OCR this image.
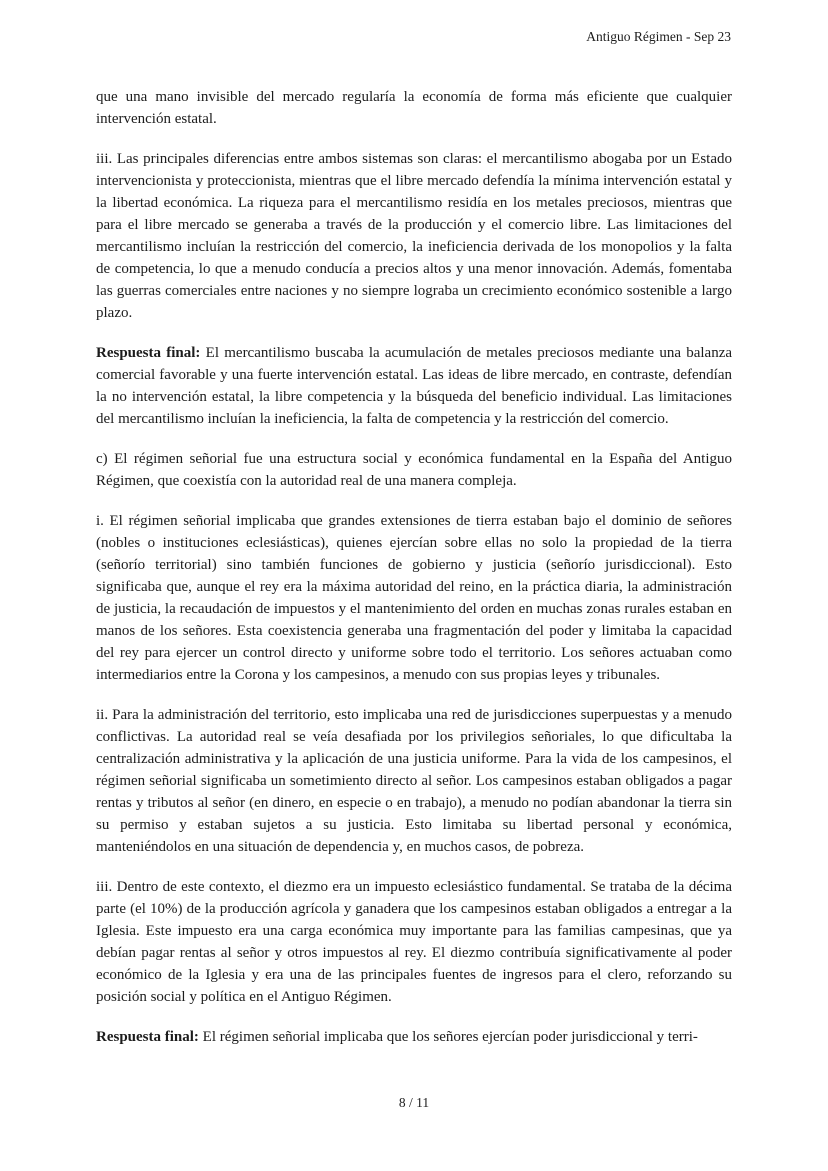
Antiguo Régimen - Sep 23

que una mano invisible del mercado regularía la economía de forma más eficiente que cualquier intervención estatal.

iii. Las principales diferencias entre ambos sistemas son claras: el mercantilismo abogaba por un Estado intervencionista y proteccionista, mientras que el libre mercado defendía la mínima intervención estatal y la libertad económica. La riqueza para el mercantilismo residía en los metales preciosos, mientras que para el libre mercado se generaba a través de la producción y el comercio libre. Las limitaciones del mercantilismo incluían la restricción del comercio, la ineficiencia derivada de los monopolios y la falta de competencia, lo que a menudo conducía a precios altos y una menor innovación. Además, fomentaba las guerras comerciales entre naciones y no siempre lograba un crecimiento económico sostenible a largo plazo.

Respuesta final: El mercantilismo buscaba la acumulación de metales preciosos mediante una balanza comercial favorable y una fuerte intervención estatal. Las ideas de libre mercado, en contraste, defendían la no intervención estatal, la libre competencia y la búsqueda del beneficio individual. Las limitaciones del mercantilismo incluían la ineficiencia, la falta de competencia y la restricción del comercio.

c) El régimen señorial fue una estructura social y económica fundamental en la España del Antiguo Régimen, que coexistía con la autoridad real de una manera compleja.

i. El régimen señorial implicaba que grandes extensiones de tierra estaban bajo el dominio de señores (nobles o instituciones eclesiásticas), quienes ejercían sobre ellas no solo la propiedad de la tierra (señorío territorial) sino también funciones de gobierno y justicia (señorío jurisdiccional). Esto significaba que, aunque el rey era la máxima autoridad del reino, en la práctica diaria, la administración de justicia, la recaudación de impuestos y el mantenimiento del orden en muchas zonas rurales estaban en manos de los señores. Esta coexistencia generaba una fragmentación del poder y limitaba la capacidad del rey para ejercer un control directo y uniforme sobre todo el territorio. Los señores actuaban como intermediarios entre la Corona y los campesinos, a menudo con sus propias leyes y tribunales.

ii. Para la administración del territorio, esto implicaba una red de jurisdicciones superpuestas y a menudo conflictivas. La autoridad real se veía desafiada por los privilegios señoriales, lo que dificultaba la centralización administrativa y la aplicación de una justicia uniforme. Para la vida de los campesinos, el régimen señorial significaba un sometimiento directo al señor. Los campesinos estaban obligados a pagar rentas y tributos al señor (en dinero, en especie o en trabajo), a menudo no podían abandonar la tierra sin su permiso y estaban sujetos a su justicia. Esto limitaba su libertad personal y económica, manteniéndolos en una situación de dependencia y, en muchos casos, de pobreza.

iii. Dentro de este contexto, el diezmo era un impuesto eclesiástico fundamental. Se trataba de la décima parte (el 10%) de la producción agrícola y ganadera que los campesinos estaban obligados a entregar a la Iglesia. Este impuesto era una carga económica muy importante para las familias campesinas, que ya debían pagar rentas al señor y otros impuestos al rey. El diezmo contribuía significativamente al poder económico de la Iglesia y era una de las principales fuentes de ingresos para el clero, reforzando su posición social y política en el Antiguo Régimen.

Respuesta final: El régimen señorial implicaba que los señores ejercían poder jurisdiccional y terri-

8 / 11
